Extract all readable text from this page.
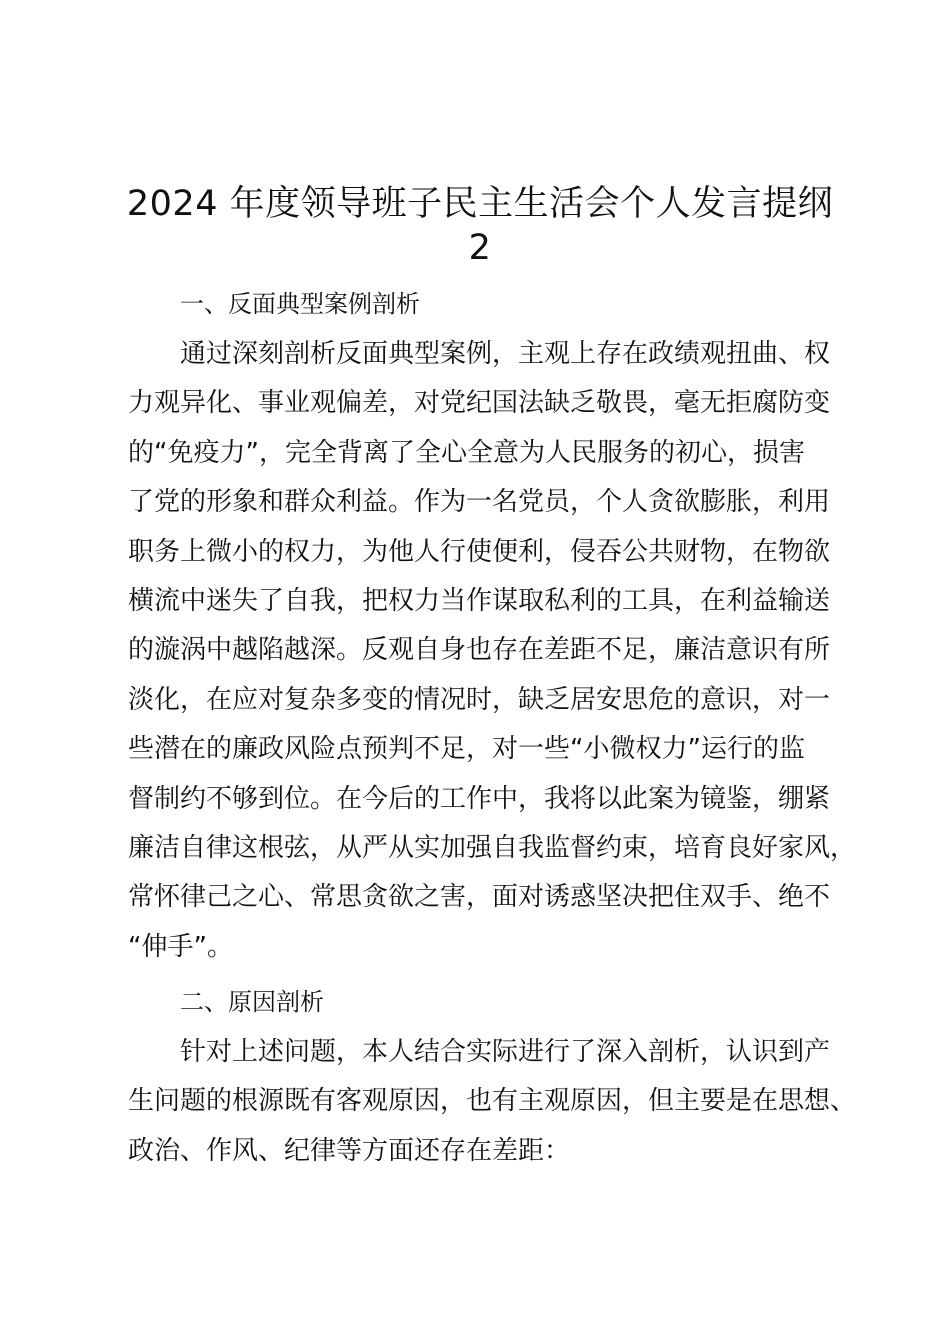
2024 年度领导班子民主生活会个人发言提纲
2
一、反面典型案例剖析
通过深刻剖析反面典型案例，主观上存在政绩观扭曲、权
力观异化、事业观偏差，对党纪国法缺乏敬畏，毫无拒腐防变
的“免疫力”，完全背离了全心全意为人民服务的初心，损害
了党的形象和群众利益。作为一名党员，个人贪欲膨胀，利用
职务上微小的权力，为他人行使便利，侵吞公共财物，在物欲
横流中迷失了自我，把权力当作谋取私利的工具，在利益输送
的漩涡中越陷越深。反观自身也存在差距不足，廉洁意识有所
淡化，在应对复杂多变的情况时，缺乏居安思危的意识，对一
些潜在的廉政风险点预判不足，对一些“小微权力”运行的监
督制约不够到位。在今后的工作中，我将以此案为镜鉴，绷紧
廉洁自律这根弦，从严从实加强自我监督约束，培育良好家风，
常怀律己之心、常思贪欲之害，面对诱惑坚决把住双手、绝不
“伸手”。
二、原因剖析
针对上述问题，本人结合实际进行了深入剖析，认识到产
生问题的根源既有客观原因，也有主观原因，但主要是在思想、
政治、作风、纪律等方面还存在差距：
